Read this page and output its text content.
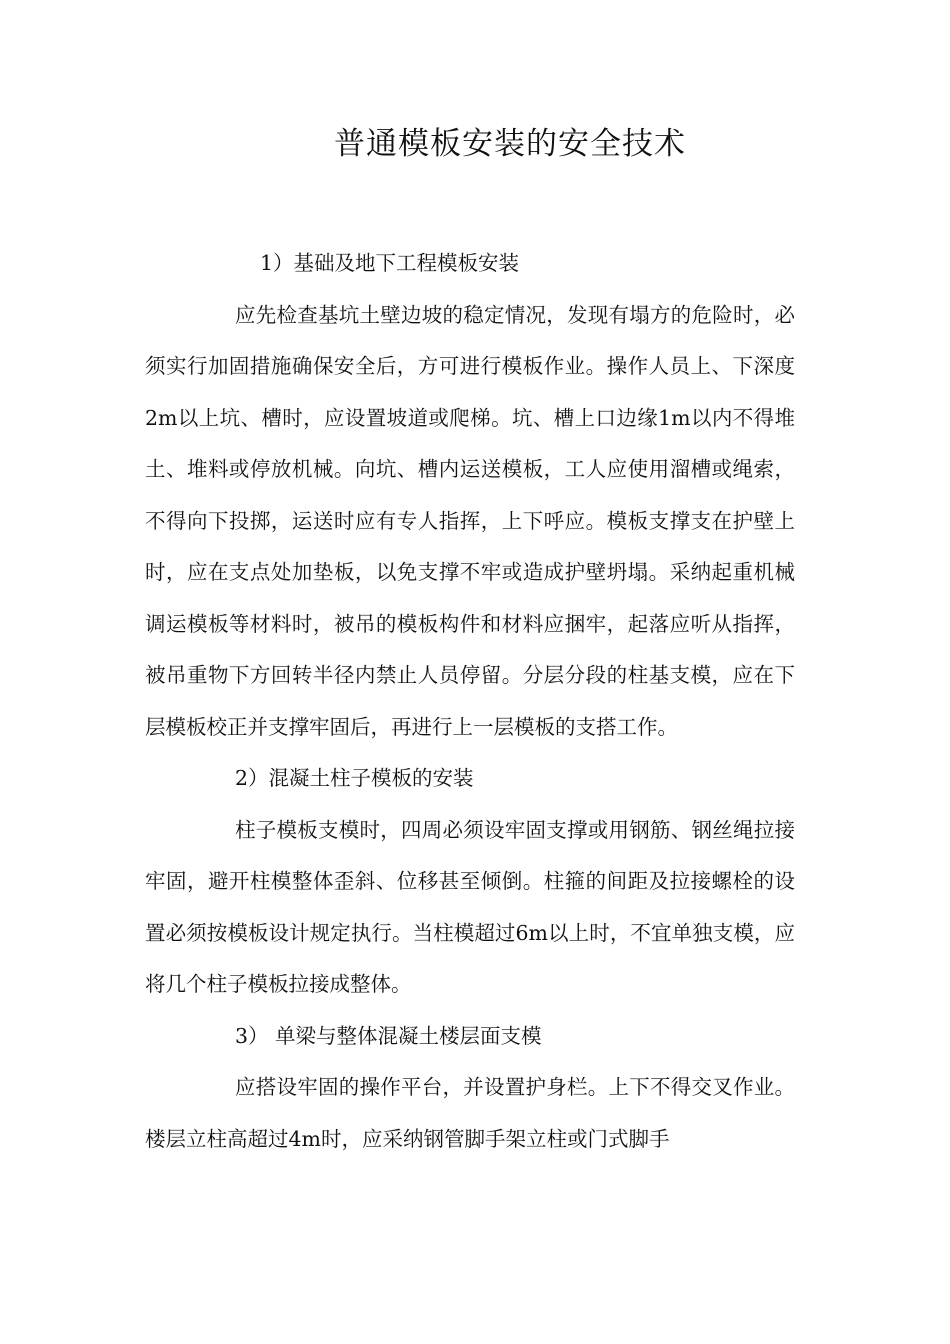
普通模板安装的安全技术

1）基础及地下工程模板安装

应先检查基坑土壁边坡的稳定情况，发现有塌方的危险时，必须实行加固措施确保安全后，方可进行模板作业。操作人员上、下深度2m以上坑、槽时，应设置坡道或爬梯。坑、槽上口边缘1m以内不得堆土、堆料或停放机械。向坑、槽内运送模板，工人应使用溜槽或绳索，不得向下投掷，运送时应有专人指挥，上下呼应。模板支撑支在护壁上时，应在支点处加垫板，以免支撑不牢或造成护壁坍塌。采纳起重机械调运模板等材料时，被吊的模板构件和材料应捆牢，起落应听从指挥，被吊重物下方回转半径内禁止人员停留。分层分段的柱基支模，应在下层模板校正并支撑牢固后，再进行上一层模板的支搭工作。

2）混凝土柱子模板的安装

柱子模板支模时，四周必须设牢固支撑或用钢筋、钢丝绳拉接牢固，避开柱模整体歪斜、位移甚至倾倒。柱箍的间距及拉接螺栓的设置必须按模板设计规定执行。当柱模超过6m以上时，不宜单独支模，应将几个柱子模板拉接成整体。

3） 单梁与整体混凝土楼层面支模

应搭设牢固的操作平台，并设置护身栏。上下不得交叉作业。楼层立柱高超过4m时，应采纳钢管脚手架立柱或门式脚手
